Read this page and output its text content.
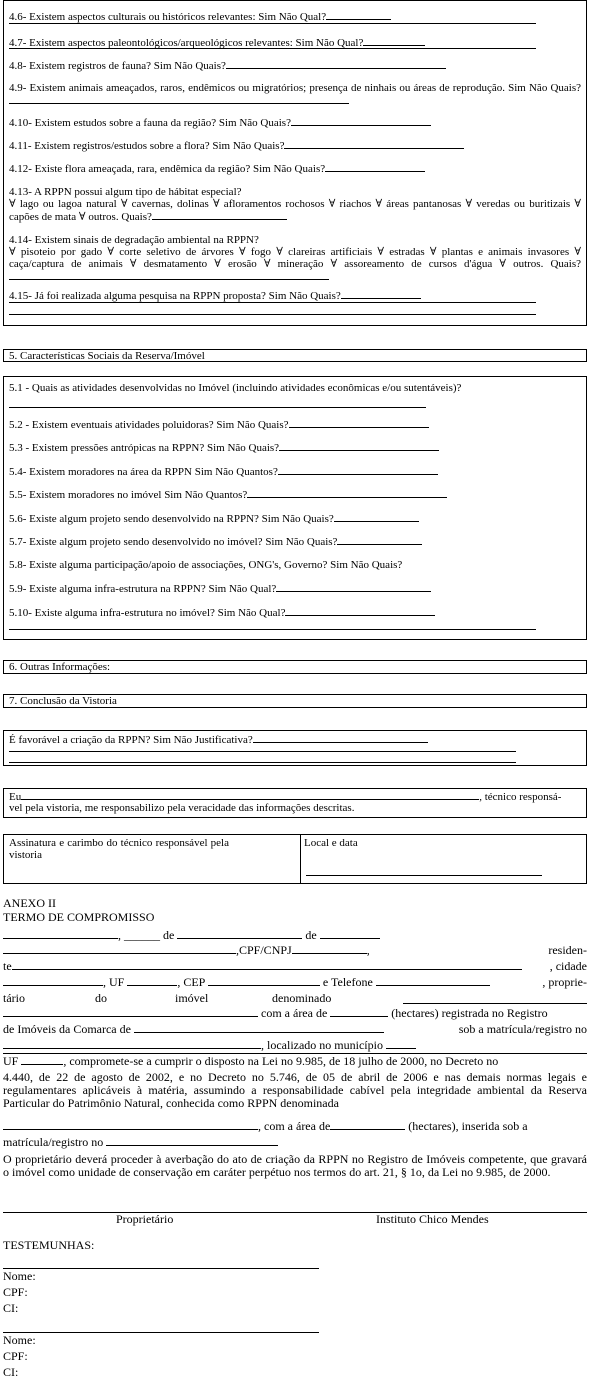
4.6- Existem aspectos culturais ou históricos relevantes: Sim Não Qual?
4.7- Existem aspectos paleontológicos/arqueológicos relevantes: Sim Não Qual?
4.8- Existem registros de fauna? Sim Não Quais?
4.9- Existem animais ameaçados, raros, endêmicos ou migratórios; presença de ninhais ou áreas de reprodução. Sim Não Quais?
4.10- Existem estudos sobre a fauna da região? Sim Não Quais?
4.11- Existem registros/estudos sobre a flora? Sim Não Quais?
4.12- Existe flora ameaçada, rara, endêmica da região? Sim Não Quais?
4.13- A RPPN possui algum tipo de hábitat especial?
∀ lago ou lagoa natural ∀ cavernas, dolinas ∀ afloramentos rochosos ∀ riachos ∀ áreas pantanosas ∀ veredas ou buritizais ∀ capões de mata ∀ outros. Quais?
4.14- Existem sinais de degradação ambiental na RPPN?
∀ pisoteio por gado ∀ corte seletivo de árvores ∀ fogo ∀ clareiras artificiais ∀ estradas ∀ plantas e animais invasores ∀ caça/captura de animais ∀ desmatamento ∀ erosão ∀ mineração ∀ assoreamento de cursos d'água ∀ outros. Quais?
4.15- Já foi realizada alguma pesquisa na RPPN proposta? Sim Não Quais?
5. Características Sociais da Reserva/Imóvel
5.1 - Quais as atividades desenvolvidas no Imóvel (incluindo atividades econômicas e/ou sutentáveis)?
5.2 - Existem eventuais atividades poluidoras? Sim Não Quais?
5.3 - Existem pressões antrópicas na RPPN? Sim Não Quais?
5.4- Existem moradores na área da RPPN Sim Não Quantos?
5.5- Existem moradores no imóvel Sim Não Quantos?
5.6- Existe algum projeto sendo desenvolvido na RPPN? Sim Não Quais?
5.7- Existe algum projeto sendo desenvolvido no imóvel? Sim Não Quais?
5.8- Existe alguma participação/apoio de associações, ONG's, Governo? Sim Não Quais?
5.9- Existe alguma infra-estrutura na RPPN? Sim Não Qual?
5.10- Existe alguma infra-estrutura no imóvel? Sim Não Qual?
6. Outras Informações:
7. Conclusão da Vistoria
É favorável a criação da RPPN? Sim Não Justificativa?
Eu	, técnico responsá-
vel pela vistoria, me responsabilizo pela veracidade das informações descritas.
Assinatura e carimbo do técnico responsável pela vistoria
Local e data
ANEXO II
TERMO DE COMPROMISSO
, ______ de	de
,CPF/CNPJ	,	residen-
te	, cidade
, UF	, CEP	e Telefone	, proprie-
tário	do	imóvel	denominado
com a área de	(hectares) registrada no Registro
de Imóveis da Comarca de	sob a matrícula/registro no
, localizado no município
UF	, compromete-se a cumprir o disposto na Lei no 9.985, de 18 julho de 2000, no Decreto no
4.440, de 22 de agosto de 2002, e no Decreto no 5.746, de 05 de abril de 2006 e nas demais normas legais e regulamentares aplicáveis à matéria, assumindo a responsabilidade cabível pela integridade ambiental da Reserva Particular do Patrimônio Natural, conhecida como RPPN denominada
, com a área de	(hectares), inserida sob a
matrícula/registro no
O proprietário deverá proceder à averbação do ato de criação da RPPN no Registro de Imóveis competente, que gravará o imóvel como unidade de conservação em caráter perpétuo nos termos do art. 21, § 1o, da Lei no 9.985, de 2000.
Proprietário	Instituto Chico Mendes
TESTEMUNHAS:
Nome:
CPF:
CI:
Nome:
CPF:
CI:
